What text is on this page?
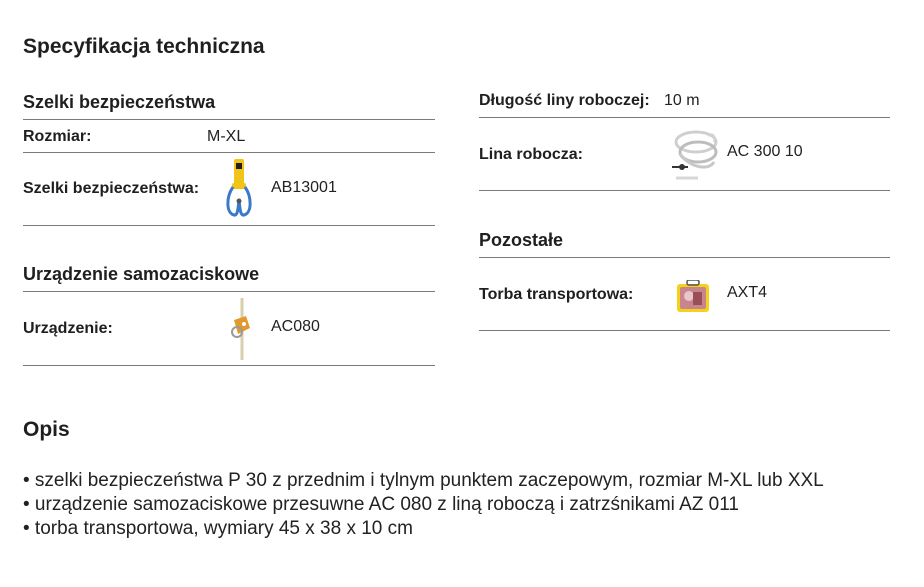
Specyfikacja techniczna
Szelki bezpieczeństwa
Rozmiar:	M-XL
Szelki bezpieczeństwa:	AB13001
Urządzenie samozaciskowe
Urządzenie:	AC080
Długość liny roboczej: 10 m
Lina robocza:	AC 300 10
Pozostałe
Torba transportowa:	AXT4
Opis
• szelki bezpieczeństwa P 30 z przednim i tylnym punktem zaczepowym, rozmiar M-XL lub XXL
• urządzenie samozaciskowe przesuwne AC 080 z liną roboczą i zatrzśnikami AZ 011
• torba transportowa, wymiary 45 x 38 x 10 cm
